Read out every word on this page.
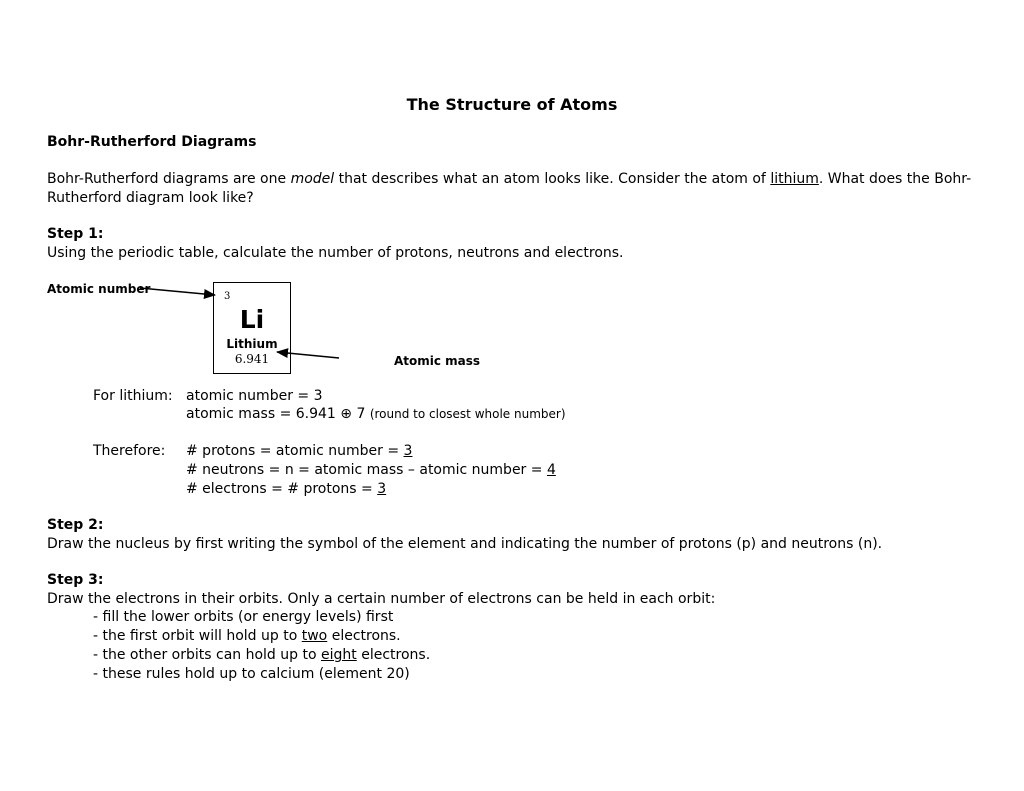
The Structure of Atoms
Bohr-Rutherford Diagrams
Bohr-Rutherford diagrams are one model that describes what an atom looks like. Consider the atom of lithium. What does the Bohr-Rutherford diagram look like?
Step 1:
Using the periodic table, calculate the number of protons, neutrons and electrons.
Atomic number
Atomic mass
3
Li
Lithium
6.941
For lithium: atomic number = 3
atomic mass = 6.941 ⊕ 7 (round to closest whole number)
Therefore: # protons = atomic number = 3
# neutrons = n = atomic mass – atomic number = 4
# electrons = # protons = 3
Step 2:
Draw the nucleus by first writing the symbol of the element and indicating the number of protons (p) and neutrons (n).
Step 3:
Draw the electrons in their orbits. Only a certain number of electrons can be held in each orbit:
- fill the lower orbits (or energy levels) first
- the first orbit will hold up to two electrons.
- the other orbits can hold up to eight electrons.
- these rules hold up to calcium (element 20)
